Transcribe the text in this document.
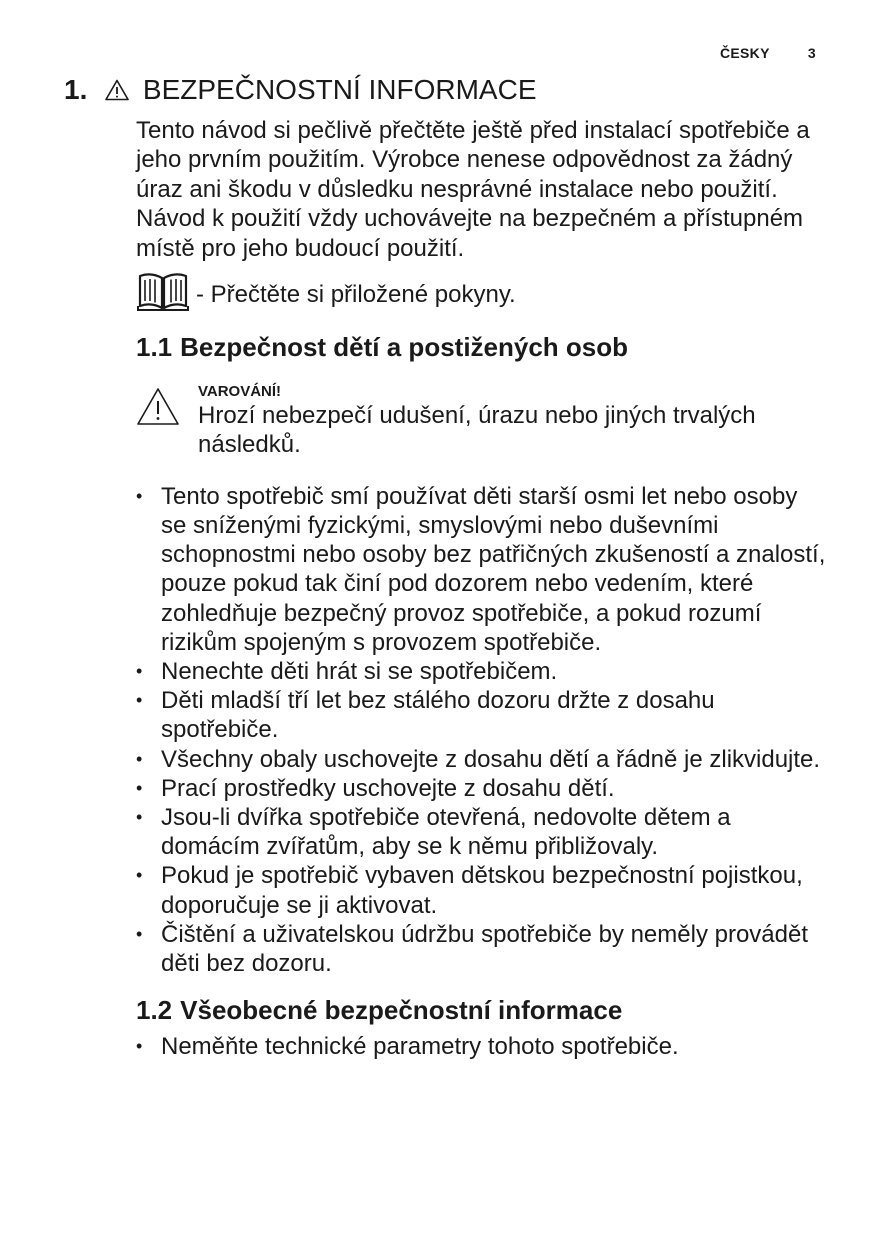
ČESKY	3
1. BEZPEČNOSTNÍ INFORMACE

Tento návod si pečlivě přečtěte ještě před instalací spotřebiče a jeho prvním použitím. Výrobce nenese odpovědnost za žádný úraz ani škodu v důsledku nesprávné instalace nebo použití. Návod k použití vždy uchovávejte na bezpečném a přístupném místě pro jeho budoucí použití.

- Přečtěte si přiložené pokyny.
1.1 Bezpečnost dětí a postižených osob
VAROVÁNÍ!
Hrozí nebezpečí udušení, úrazu nebo jiných trvalých následků.
• Tento spotřebič smí používat děti starší osmi let nebo osoby se sníženými fyzickými, smyslovými nebo duševními schopnostmi nebo osoby bez patřičných zkušeností a znalostí, pouze pokud tak činí pod dozorem nebo vedením, které zohledňuje bezpečný provoz spotřebiče, a pokud rozumí rizikům spojeným s provozem spotřebiče.
• Nenechte děti hrát si se spotřebičem.
• Děti mladší tří let bez stálého dozoru držte z dosahu spotřebiče.
• Všechny obaly uschovejte z dosahu dětí a řádně je zlikvidujte.
• Prací prostředky uschovejte z dosahu dětí.
• Jsou-li dvířka spotřebiče otevřená, nedovolte dětem a domácím zvířatům, aby se k němu přibližovaly.
• Pokud je spotřebič vybaven dětskou bezpečnostní pojistkou, doporučuje se ji aktivovat.
• Čištění a uživatelskou údržbu spotřebiče by neměly provádět děti bez dozoru.
1.2 Všeobecné bezpečnostní informace
• Neměňte technické parametry tohoto spotřebiče.
